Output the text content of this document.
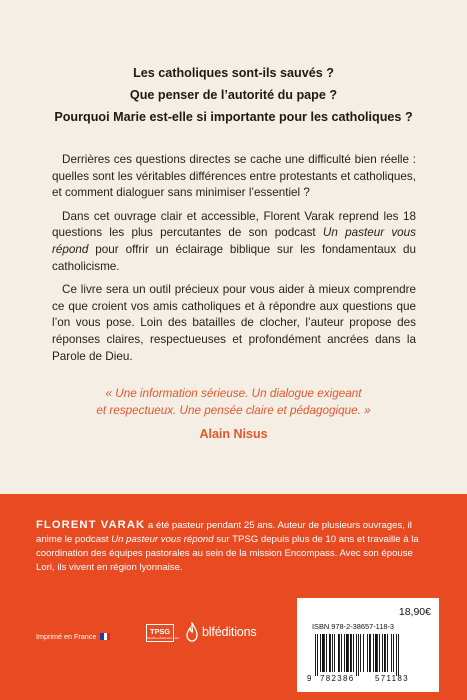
Les catholiques sont-ils sauvés ?

Que penser de l’autorité du pape ?

Pourquoi Marie est-elle si importante pour les catholiques ?

Derrières ces questions directes se cache une difficulté bien réelle : quelles sont les véritables différences entre protestants et catholiques, et comment dialoguer sans minimiser l’essentiel ?

Dans cet ouvrage clair et accessible, Florent Varak reprend les 18 questions les plus percutantes de son podcast Un pasteur vous répond pour offrir un éclairage biblique sur les fondamentaux du catholicisme.

Ce livre sera un outil précieux pour vous aider à mieux comprendre ce que croient vos amis catholiques et à répondre aux questions que l’on vous pose. Loin des batailles de clocher, l’auteur propose des réponses claires, respectueuses et profondément ancrées dans la Parole de Dieu.

« Une information sérieuse. Un dialogue exigeant
et respectueux. Une pensée claire et pédagogique. »
Alain Nisus
FLORENT VARAK a été pasteur pendant 25 ans. Auteur de plusieurs ouvrages, il anime le podcast Un pasteur vous répond sur TPSG depuis plus de 10 ans et travaille à la coordination des équipes pastorales au sein de la mission Encompass. Avec son épouse Lori, ils vivent en région lyonnaise.
18,90€
ISBN 978-2-38657-118-3
9 782386	571183
Imprimé en France
TPSG
ToutPourSaGloire.com blféditions
